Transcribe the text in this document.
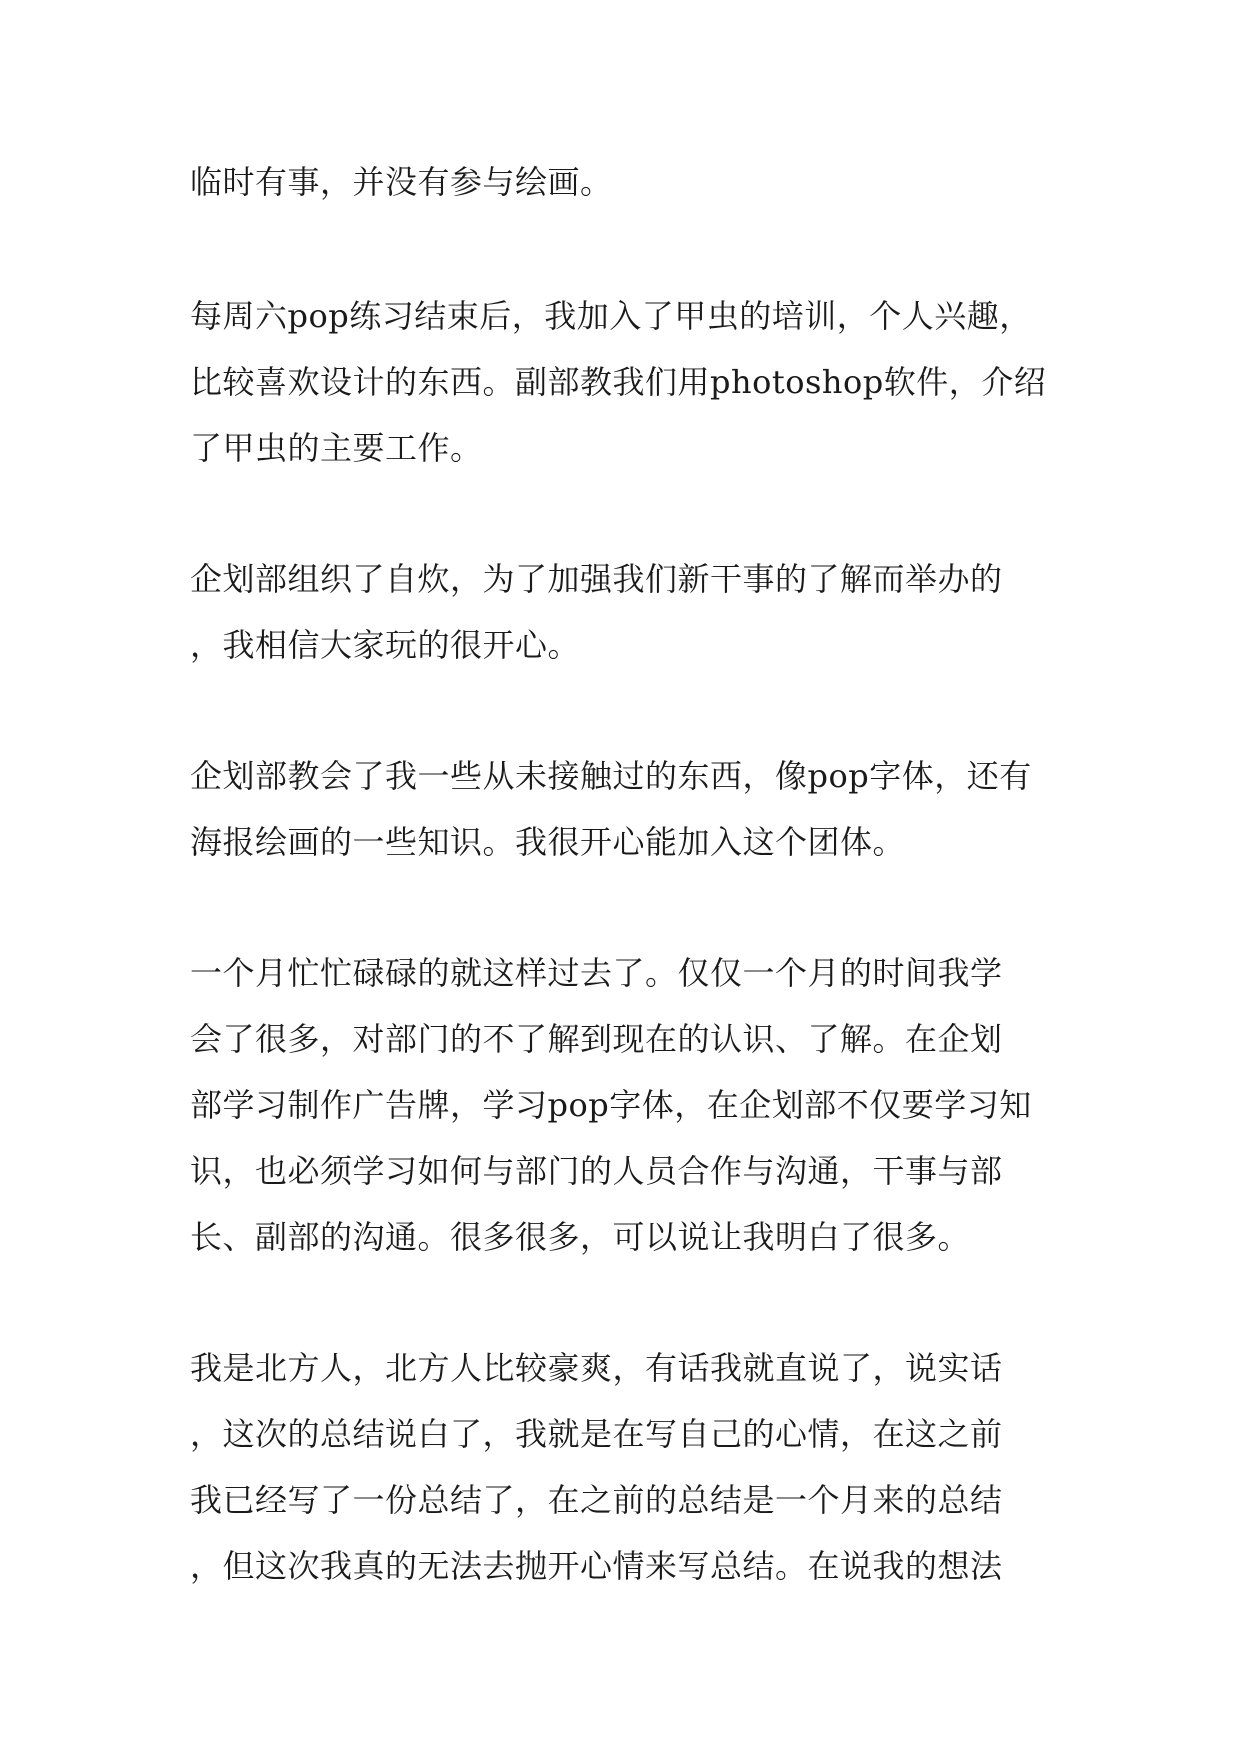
临时有事，并没有参与绘画。
每周六pop练习结束后，我加入了甲虫的培训，个人兴趣，
比较喜欢设计的东西。副部教我们用photoshop软件，介绍
了甲虫的主要工作。
企划部组织了自炊，为了加强我们新干事的了解而举办的
，我相信大家玩的很开心。
企划部教会了我一些从未接触过的东西，像pop字体，还有
海报绘画的一些知识。我很开心能加入这个团体。
一个月忙忙碌碌的就这样过去了。仅仅一个月的时间我学
会了很多，对部门的不了解到现在的认识、了解。在企划
部学习制作广告牌，学习pop字体，在企划部不仅要学习知
识，也必须学习如何与部门的人员合作与沟通，干事与部
长、副部的沟通。很多很多，可以说让我明白了很多。
我是北方人，北方人比较豪爽，有话我就直说了，说实话
，这次的总结说白了，我就是在写自己的心情，在这之前
我已经写了一份总结了，在之前的总结是一个月来的总结
，但这次我真的无法去抛开心情来写总结。在说我的想法
